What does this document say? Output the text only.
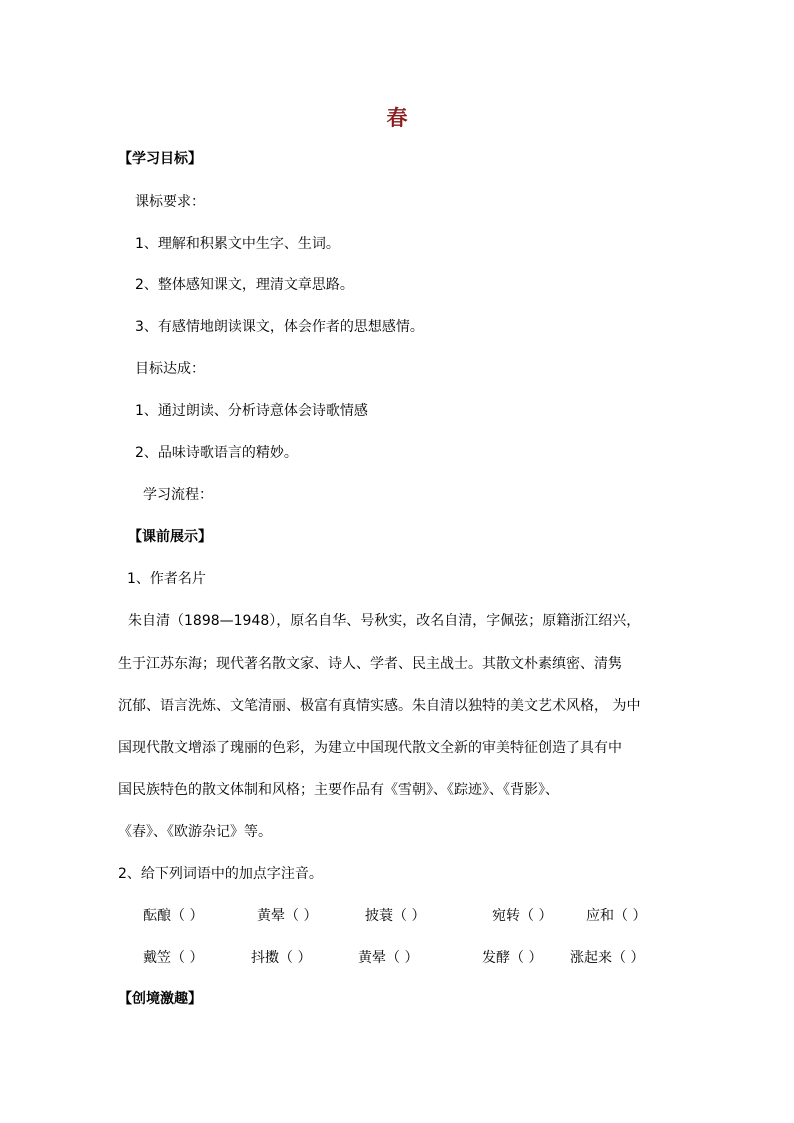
春
【学习目标】
课标要求：
1、理解和积累文中生字、生词。
2、整体感知课文，理清文章思路。
3、有感情地朗读课文，体会作者的思想感情。
目标达成：
1、通过朗读、分析诗意体会诗歌情感
2、品味诗歌语言的精妙。
学习流程：
【课前展示】
1、作者名片
朱自清（1898—1948），原名自华、号秋实，改名自清，字佩弦；原籍浙江绍兴，
生于江苏东海；现代著名散文家、诗人、学者、民主战士。其散文朴素缜密、清隽
沉郁、语言洗炼、文笔清丽、极富有真情实感。朱自清以独特的美文艺术风格， 为中
国现代散文增添了瑰丽的色彩，为建立中国现代散文全新的审美特征创造了具有中
国民族特色的散文体制和风格；主要作品有《雪朝》、《踪迹》、《背影》、
《春》、《欧游杂记》等。
2、给下列词语中的加点字注音。
酝酿（ ）	黄晕（ ）	披蓑（ ）	宛转（ ） 应和（ ）
戴笠（ ）	抖擞（ ）	黄晕（ ）	发酵（ ） 涨起来（ ）
【创境激趣】
